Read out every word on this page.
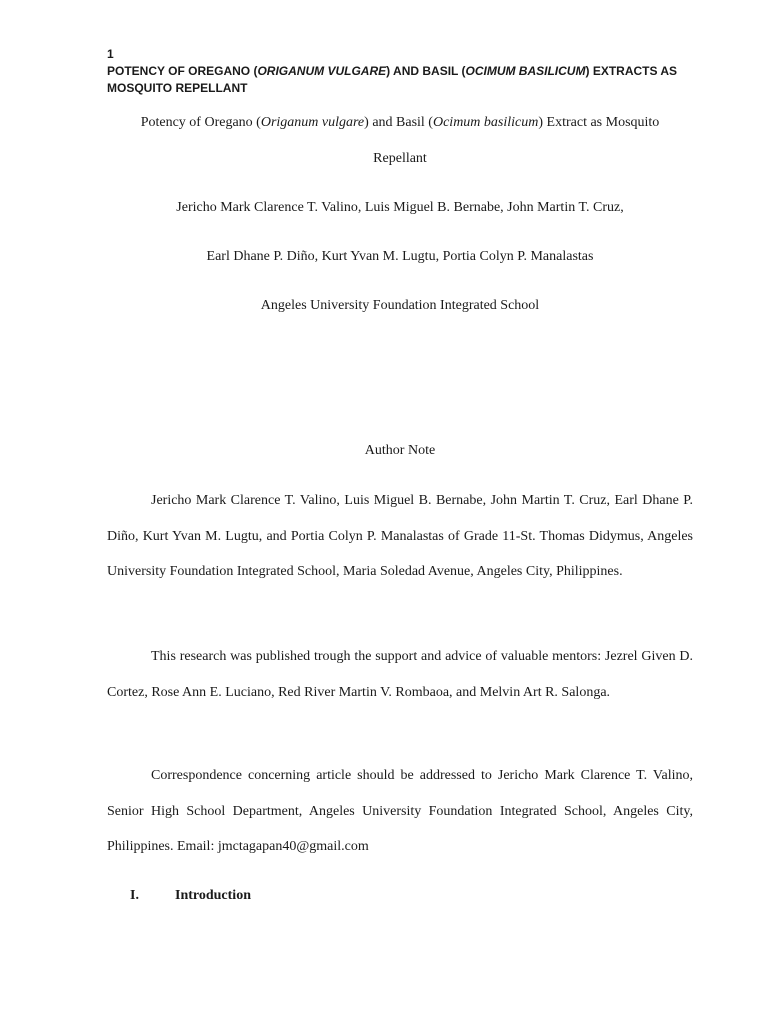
1
POTENCY OF OREGANO (ORIGANUM VULGARE) AND BASIL (OCIMUM BASILICUM) EXTRACTS AS MOSQUITO REPELLANT
Potency of Oregano (Origanum vulgare) and Basil (Ocimum basilicum) Extract as Mosquito
Repellant
Jericho Mark Clarence T. Valino, Luis Miguel B. Bernabe, John Martin T. Cruz,
Earl Dhane P. Diño, Kurt Yvan M. Lugtu, Portia Colyn P. Manalastas
Angeles University Foundation Integrated School
Author Note
Jericho Mark Clarence T. Valino, Luis Miguel B. Bernabe, John Martin T. Cruz, Earl Dhane P. Diño, Kurt Yvan M. Lugtu, and Portia Colyn P. Manalastas of Grade 11-St. Thomas Didymus, Angeles University Foundation Integrated School, Maria Soledad Avenue, Angeles City, Philippines.
This research was published trough the support and advice of valuable mentors: Jezrel Given D. Cortez, Rose Ann E. Luciano, Red River Martin V. Rombaoa, and Melvin Art R. Salonga.
Correspondence concerning article should be addressed to Jericho Mark Clarence T. Valino, Senior High School Department, Angeles University Foundation Integrated School, Angeles City, Philippines. Email: jmctagapan40@gmail.com
I.	Introduction
